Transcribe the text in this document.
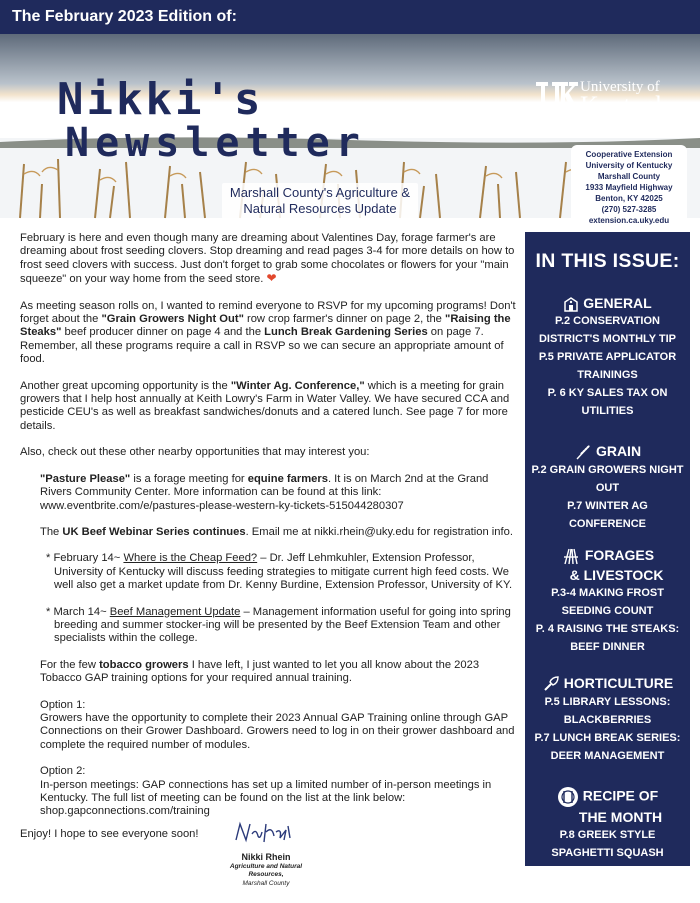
The February 2023 Edition of:
Nikki's
Newsletter
Marshall County's Agriculture & Natural Resources Update
University of
Kentucky
College of Agriculture, Food and Environment
Cooperative Extension
University of Kentucky
Marshall County
1933 Mayfield Highway
Benton, KY 42025
(270) 527-3285
extension.ca.uky.edu

February is here and even though many are dreaming about Valentines Day, forage farmer's are dreaming about frost seeding clovers. Stop dreaming and read pages 3-4 for more details on how to frost seed clovers with success. Just don't forget to grab some chocolates or flowers for your "main squeeze" on your way home from the seed store. ❤

As meeting season rolls on, I wanted to remind everyone to RSVP for my upcoming programs! Don't forget about the "Grain Growers Night Out" row crop farmer's dinner on page 2, the "Raising the Steaks" beef producer dinner on page 4 and the Lunch Break Gardening Series on page 7. Remember, all these programs require a call in RSVP so we can secure an appropriate amount of food.

Another great upcoming opportunity is the "Winter Ag. Conference," which is a meeting for grain growers that I help host annually at Keith Lowry's Farm in Water Valley. We have secured CCA and pesticide CEU's as well as breakfast sandwiches/donuts and a catered lunch. See page 7 for more details.

Also, check out these other nearby opportunities that may interest you:

"Pasture Please" is a forage meeting for equine farmers. It is on March 2nd at the Grand Rivers Community Center. More information can be found at this link:
www.eventbrite.com/e/pastures-please-western-ky-tickets-515044280307

The UK Beef Webinar Series continues. Email me at nikki.rhein@uky.edu for registration info.

* February 14~ Where is the Cheap Feed? – Dr. Jeff Lehmkuhler, Extension Professor, University of Kentucky will discuss feeding strategies to mitigate current high feed costs. We well also get a market update from Dr. Kenny Burdine, Extension Professor, University of KY.

* March 14~ Beef Management Update – Management information useful for going into spring breeding and summer stocker-ing will be presented by the Beef Extension Team and other specialists within the college.

For the few tobacco growers I have left, I just wanted to let you all know about the 2023 Tobacco GAP training options for your required annual training.

Option 1:
Growers have the opportunity to complete their 2023 Annual GAP Training online through GAP Connections on their Grower Dashboard. Growers need to log in on their grower dashboard and complete the required number of modules.

Option 2:
In-person meetings: GAP connections has set up a limited number of in-person meetings in Kentucky. The full list of meeting can be found on the list at the link below: shop.gapconnections.com/training

Enjoy! I hope to see everyone soon!
Nikki Rhein
Agriculture and Natural Resources,
Marshall County
IN THIS ISSUE:
GENERAL
P.2 CONSERVATION DISTRICT'S MONTHLY TIP
P.5 PRIVATE APPLICATOR TRAININGS
P. 6 KY SALES TAX ON UTILITIES
GRAIN
P.2 GRAIN GROWERS NIGHT OUT
P.7 WINTER AG CONFERENCE
FORAGES
& LIVESTOCK
P.3-4 MAKING FROST SEEDING COUNT
P. 4 RAISING THE STEAKS: BEEF DINNER
HORTICULTURE
P.5 LIBRARY LESSONS: BLACKBERRIES
P.7 LUNCH BREAK SERIES: DEER MANAGEMENT
RECIPE OF
THE MONTH
P.8 GREEK STYLE SPAGHETTI SQUASH
